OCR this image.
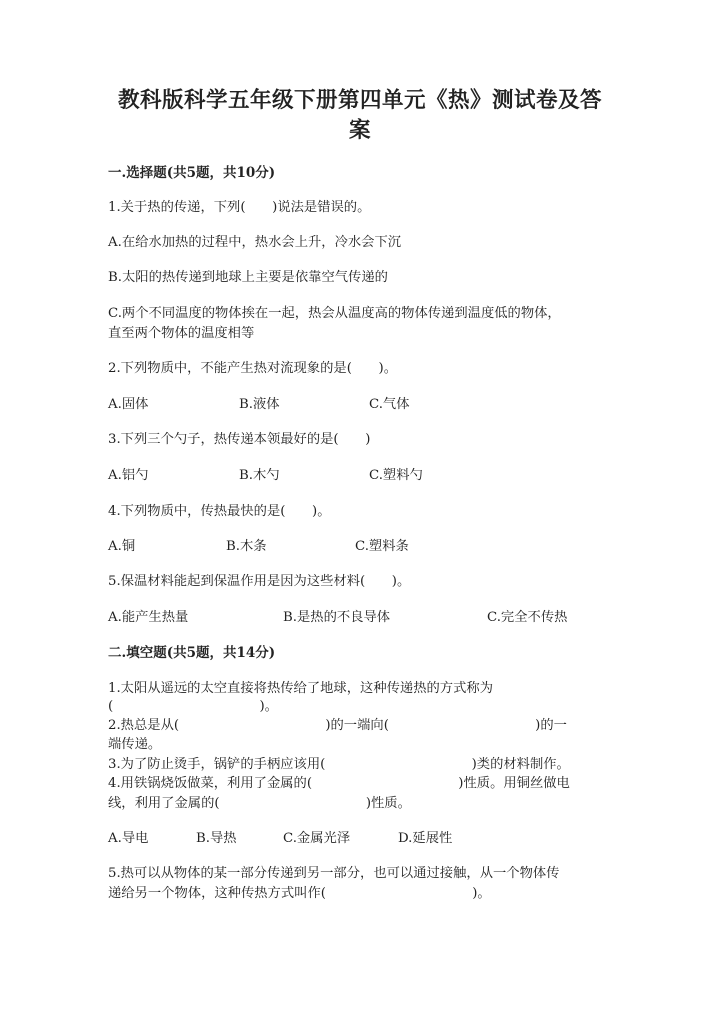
教科版科学五年级下册第四单元《热》测试卷及答
案
一.选择题(共5题，共10分)
1.关于热的传递，下列(　　)说法是错误的。
A.在给水加热的过程中，热水会上升，冷水会下沉
B.太阳的热传递到地球上主要是依靠空气传递的
C.两个不同温度的物体挨在一起，热会从温度高的物体传递到温度低的物体，
直至两个物体的温度相等
2.下列物质中，不能产生热对流现象的是(　　)。
A.固体	B.液体	C.气体
3.下列三个勺子，热传递本领最好的是(　　)
A.铝勺	B.木勺	C.塑料勺
4.下列物质中，传热最快的是(　　)。
A.铜	B.木条	C.塑料条
5.保温材料能起到保温作用是因为这些材料(　　)。
A.能产生热量	B.是热的不良导体	C.完全不传热
二.填空题(共5题，共14分)
1.太阳从遥远的太空直接将热传给了地球，这种传递热的方式称为
(　　　　　　　　　　　)。
2.热总是从(　　　　　　　　　　　)的一端向(　　　　　　　　　　　)的一
端传递。
3.为了防止烫手，锅铲的手柄应该用(　　　　　　　　　　　)类的材料制作。
4.用铁锅烧饭做菜，利用了金属的(　　　　　　　　　　　)性质。用铜丝做电
线，利用了金属的(　　　　　　　　　　　)性质。
A.导电	B.导热	C.金属光泽	D.延展性
5.热可以从物体的某一部分传递到另一部分，也可以通过接触，从一个物体传
递给另一个物体，这种传热方式叫作(　　　　　　　　　　　)。
